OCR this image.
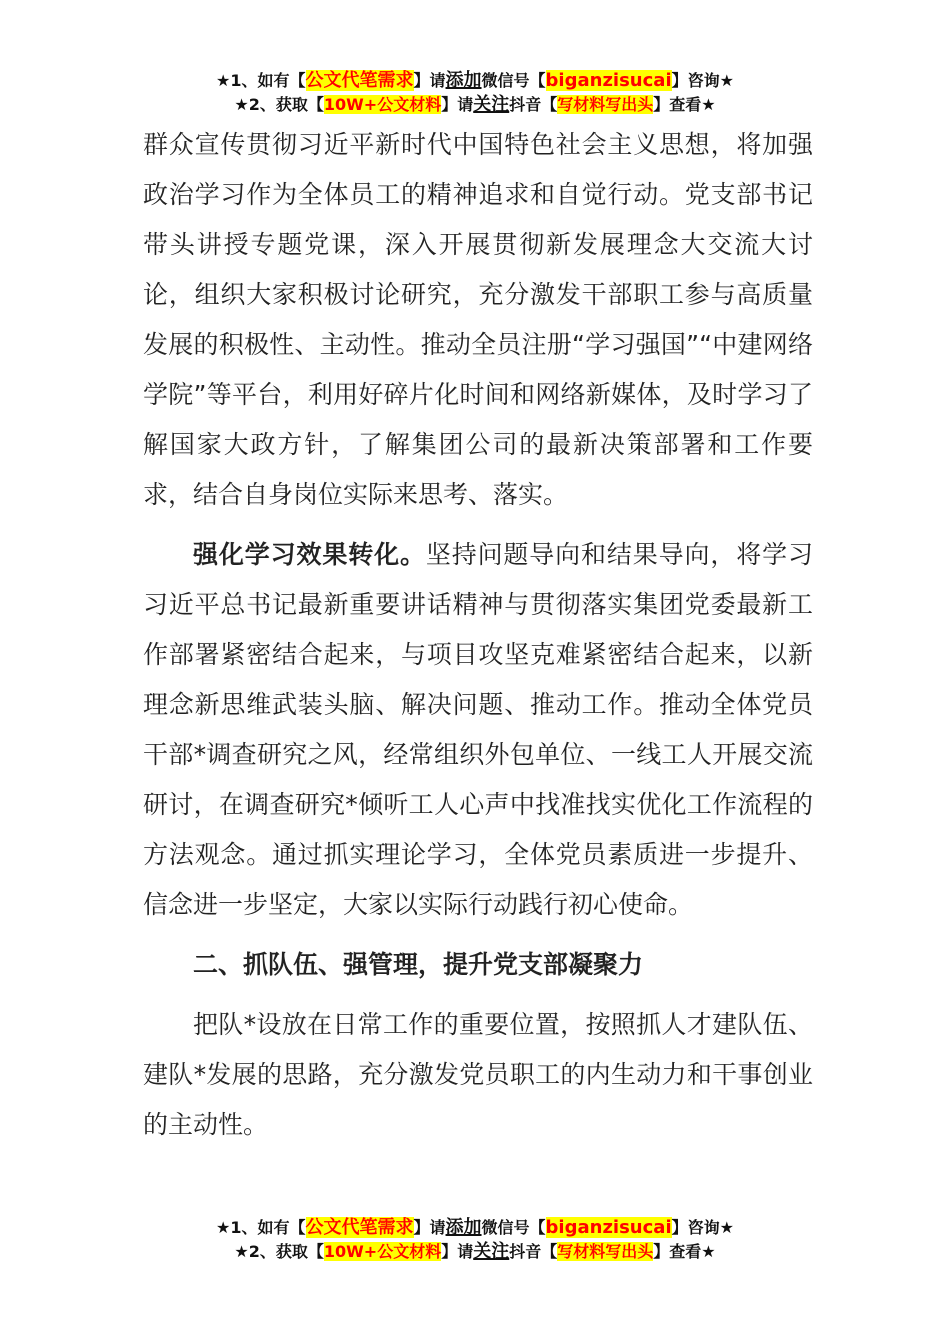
★1、如有【公文代笔需求】请添加微信号【biganzisucai】咨询★
★2、获取【10W+公文材料】请关注抖音【写材料写出头】查看★

群众宣传贯彻习近平新时代中国特色社会主义思想，将加强政治学习作为全体员工的精神追求和自觉行动。党支部书记带头讲授专题党课，深入开展贯彻新发展理念大交流大讨论，组织大家积极讨论研究，充分激发干部职工参与高质量发展的积极性、主动性。推动全员注册“学习强国”“中建网络学院”等平台，利用好碎片化时间和网络新媒体，及时学习了解国家大政方针，了解集团公司的最新决策部署和工作要求，结合自身岗位实际来思考、落实。

强化学习效果转化。坚持问题导向和结果导向，将学习习近平总书记最新重要讲话精神与贯彻落实集团党委最新工作部署紧密结合起来，与项目攻坚克难紧密结合起来，以新理念新思维武装头脑、解决问题、推动工作。推动全体党员干部*调查研究之风，经常组织外包单位、一线工人开展交流研讨，在调查研究*倾听工人心声中找准找实优化工作流程的方法观念。通过抓实理论学习，全体党员素质进一步提升、信念进一步坚定，大家以实际行动践行初心使命。

二、抓队伍、强管理，提升党支部凝聚力

把队*设放在日常工作的重要位置，按照抓人才建队伍、建队*发展的思路，充分激发党员职工的内生动力和干事创业的主动性。

★1、如有【公文代笔需求】请添加微信号【biganzisucai】咨询★
★2、获取【10W+公文材料】请关注抖音【写材料写出头】查看★
